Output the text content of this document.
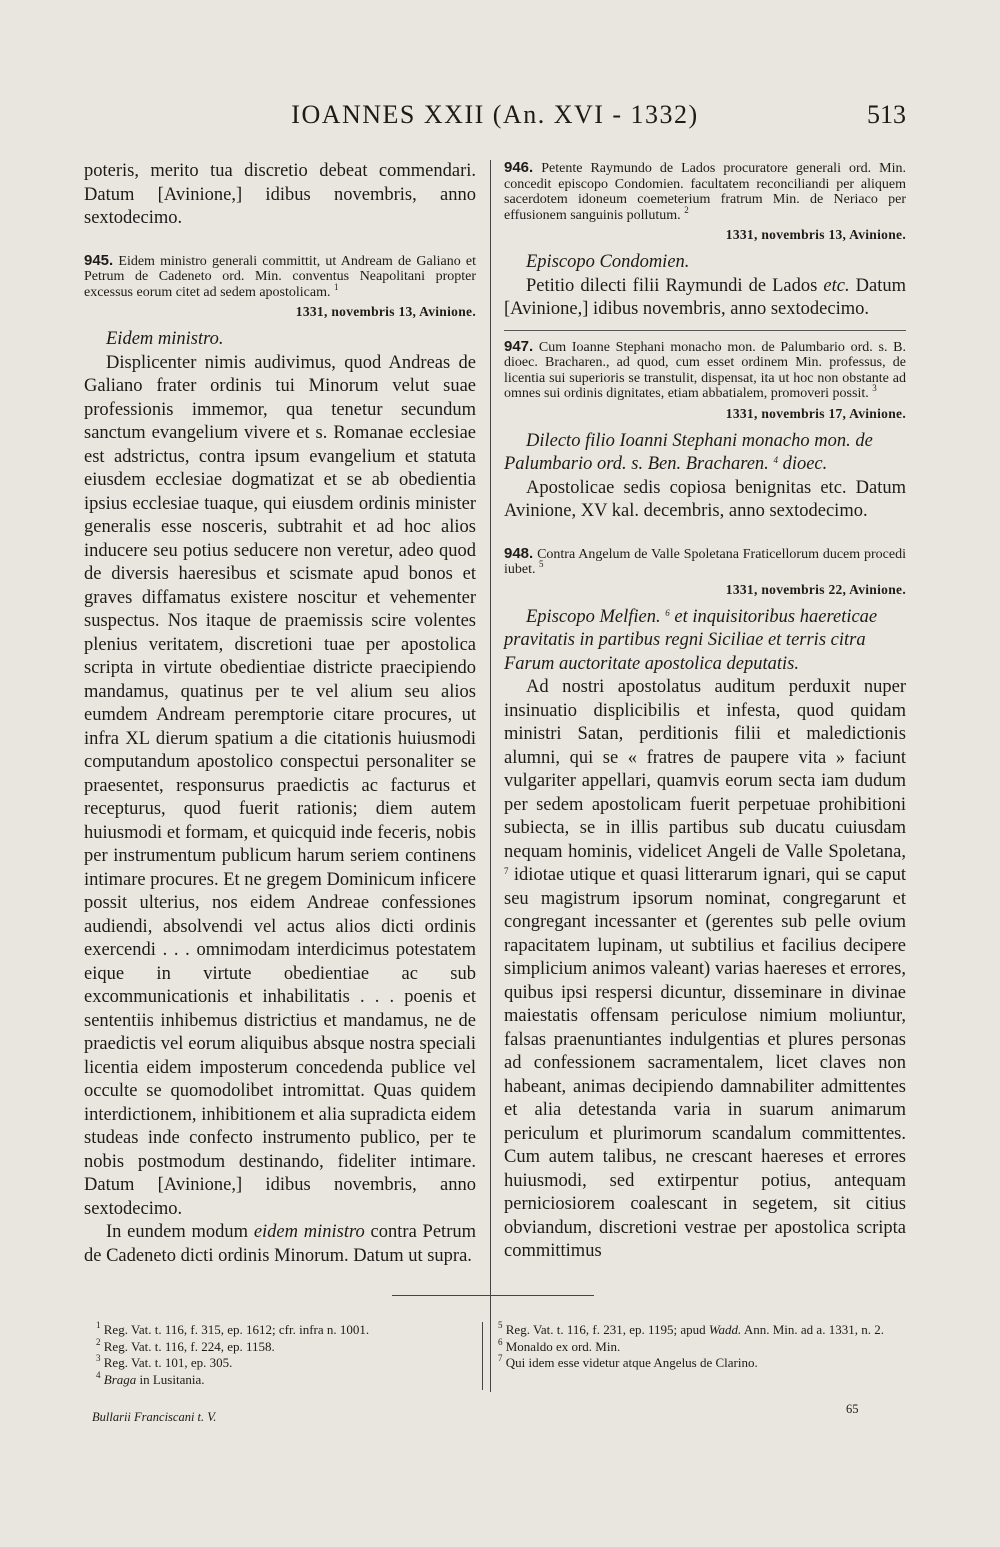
IOANNES XXII (An. XVI - 1332)	513

poteris, merito tua discretio debeat commendari. Datum [Avinione,] idibus novembris, anno sextodecimo.

945. Eidem ministro generali committit, ut Andream de Galiano et Petrum de Cadeneto ord. Min. conventus Neapolitani propter excessus eorum citet ad sedem apostolicam. $^1$

1331, novembris 13, Avinione.

Eidem ministro.

Displicenter nimis audivimus, quod Andreas de Galiano frater ordinis tui Minorum velut suae professionis immemor, qua tenetur secundum sanctum evangelium vivere et s. Romanae ecclesiae est adstrictus, contra ipsum evangelium et statuta eiusdem ecclesiae dogmatizat et se ab obedientia ipsius ecclesiae tuaque, qui eiusdem ordinis minister generalis esse nosceris, subtrahit et ad hoc alios inducere seu potius seducere non veretur, adeo quod de diversis haeresibus et scismate apud bonos et graves diffamatus existere noscitur et vehementer suspectus. Nos itaque de praemissis scire volentes plenius veritatem, discretioni tuae per apostolica scripta in virtute obedientiae districte praecipiendo mandamus, quatinus per te vel alium seu alios eumdem Andream peremptorie citare procures, ut infra XL dierum spatium a die citationis huiusmodi computandum apostolico conspectui personaliter se praesentet, responsurus praedictis ac facturus et recepturus, quod fuerit rationis; diem autem huiusmodi et formam, et quicquid inde feceris, nobis per instrumentum publicum harum seriem continens intimare procures. Et ne gregem Dominicum inficere possit ulterius, nos eidem Andreae confessiones audiendi, absolvendi vel actus alios dicti ordinis exercendi . . . omnimodam interdicimus potestatem eique in virtute obedientiae ac sub excommunicationis et inhabilitatis . . . poenis et sententiis inhibemus districtius et mandamus, ne de praedictis vel eorum aliquibus absque nostra speciali licentia eidem imposterum concedenda publice vel occulte se quomodolibet intromittat. Quas quidem interdictionem, inhibitionem et alia supradicta eidem studeas inde confecto instrumento publico, per te nobis postmodum destinando, fideliter intimare. Datum [Avinione,] idibus novembris, anno sextodecimo.

In eundem modum eidem ministro contra Petrum de Cadeneto dicti ordinis Minorum. Datum ut supra.

946. Petente Raymundo de Lados procuratore generali ord. Min. concedit episcopo Condomien. facultatem reconciliandi per aliquem sacerdotem idoneum coemeterium fratrum Min. de Neriaco per effusionem sanguinis pollutum. $^2$

1331, novembris 13, Avinione.

Episcopo Condomien.

Petitio dilecti filii Raymundi de Lados etc. Datum [Avinione,] idibus novembris, anno sextodecimo.

947. Cum Ioanne Stephani monacho mon. de Palumbario ord. s. B. dioec. Bracharen., ad quod, cum esset ordinem Min. professus, de licentia sui superioris se transtulit, dispensat, ita ut hoc non obstante ad omnes sui ordinis dignitates, etiam abbatialem, promoveri possit. $^3$

1331, novembris 17, Avinione.

Dilecto filio Ioanni Stephani monacho mon. de Palumbario ord. s. Ben. Bracharen. $^4$ dioec.

Apostolicae sedis copiosa benignitas etc. Datum Avinione, XV kal. decembris, anno sextodecimo.

948. Contra Angelum de Valle Spoletana Fraticellorum ducem procedi iubet. $^5$

1331, novembris 22, Avinione.

Episcopo Melfien. $^6$ et inquisitoribus haereticae pravitatis in partibus regni Siciliae et terris citra Farum auctoritate apostolica deputatis.

Ad nostri apostolatus auditum perduxit nuper insinuatio displicibilis et infesta, quod quidam ministri Satan, perditionis filii et maledictionis alumni, qui se « fratres de paupere vita » faciunt vulgariter appellari, quamvis eorum secta iam dudum per sedem apostolicam fuerit perpetuae prohibitioni subiecta, se in illis partibus sub ducatu cuiusdam nequam hominis, videlicet Angeli de Valle Spoletana, $^7$ idiotae utique et quasi litterarum ignari, qui se caput seu magistrum ipsorum nominat, congregarunt et congregant incessanter et (gerentes sub pelle ovium rapacitatem lupinam, ut subtilius et facilius decipere simplicium animos valeant) varias haereses et errores, quibus ipsi respersi dicuntur, disseminare in divinae maiestatis offensam periculose nimium moliuntur, falsas praenuntiantes indulgentias et plures personas ad confessionem sacramentalem, licet claves non habeant, animas decipiendo damnabiliter admittentes et alia detestanda varia in suarum animarum periculum et plurimorum scandalum committentes. Cum autem talibus, ne crescant haereses et errores huiusmodi, sed extirpentur potius, antequam perniciosiorem coalescant in segetem, sit citius obviandum, discretioni vestrae per apostolica scripta committimus

$^1$ Reg. Vat. t. 116, f. 315, ep. 1612; cfr. infra n. 1001.

$^2$ Reg. Vat. t. 116, f. 224, ep. 1158.

$^3$ Reg. Vat. t. 101, ep. 305.

$^4$ Braga in Lusitania.

$^5$ Reg. Vat. t. 116, f. 231, ep. 1195; apud Wadd. Ann. Min. ad a. 1331, n. 2.

$^6$ Monaldo ex ord. Min.

$^7$ Qui idem esse videtur atque Angelus de Clarino.

Bullarii Franciscani t. V.
65
